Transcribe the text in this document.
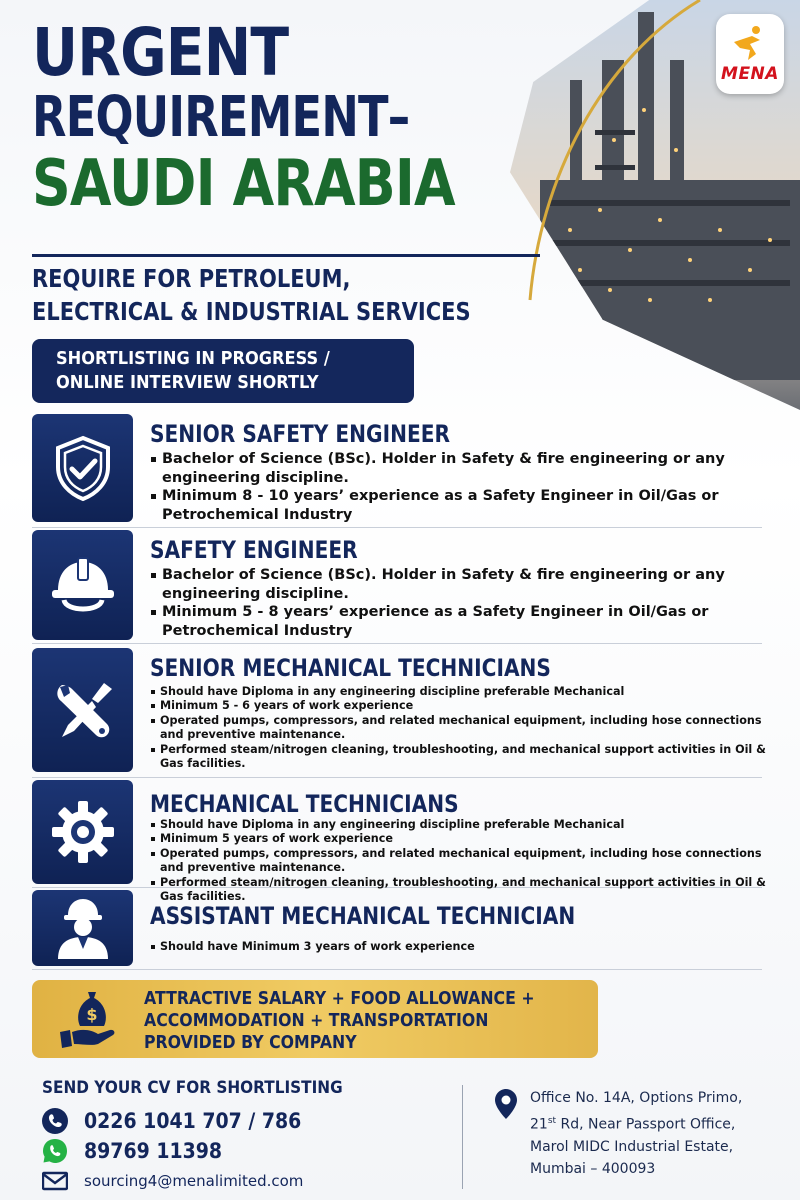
MENA
URGENT
REQUIREMENT–
SAUDI ARABIA
REQUIRE FOR PETROLEUM,
ELECTRICAL & INDUSTRIAL SERVICES
SHORTLISTING IN PROGRESS /
ONLINE INTERVIEW SHORTLY
SENIOR SAFETY ENGINEER
Bachelor of Science (BSc). Holder in Safety & fire engineering or any engineering discipline.
Minimum 8 - 10 years’ experience as a Safety Engineer in Oil/Gas or Petrochemical Industry
SAFETY ENGINEER
Bachelor of Science (BSc). Holder in Safety & fire engineering or any engineering discipline.
Minimum 5 - 8 years’ experience as a Safety Engineer in Oil/Gas or Petrochemical Industry
SENIOR MECHANICAL TECHNICIANS
Should have Diploma in any engineering discipline preferable Mechanical
Minimum 5 - 6 years of work experience
Operated pumps, compressors, and related mechanical equipment, including hose connections and preventive maintenance.
Performed steam/nitrogen cleaning, troubleshooting, and mechanical support activities in Oil & Gas facilities.
MECHANICAL TECHNICIANS
Should have Diploma in any engineering discipline preferable Mechanical
Minimum 5 years of work experience
Operated pumps, compressors, and related mechanical equipment, including hose connections and preventive maintenance.
Performed steam/nitrogen cleaning, troubleshooting, and mechanical support activities in Oil & Gas facilities.
ASSISTANT MECHANICAL TECHNICIAN
Should have Minimum 3 years of work experience
$
ATTRACTIVE SALARY + FOOD ALLOWANCE +
ACCOMMODATION + TRANSPORTATION
PROVIDED BY COMPANY
SEND YOUR CV FOR SHORTLISTING
0226 1041 707 / 786
89769 11398
sourcing4@menalimited.com
Office No. 14A, Options Primo,
21st Rd, Near Passport Office,
Marol MIDC Industrial Estate,
Mumbai – 400093
